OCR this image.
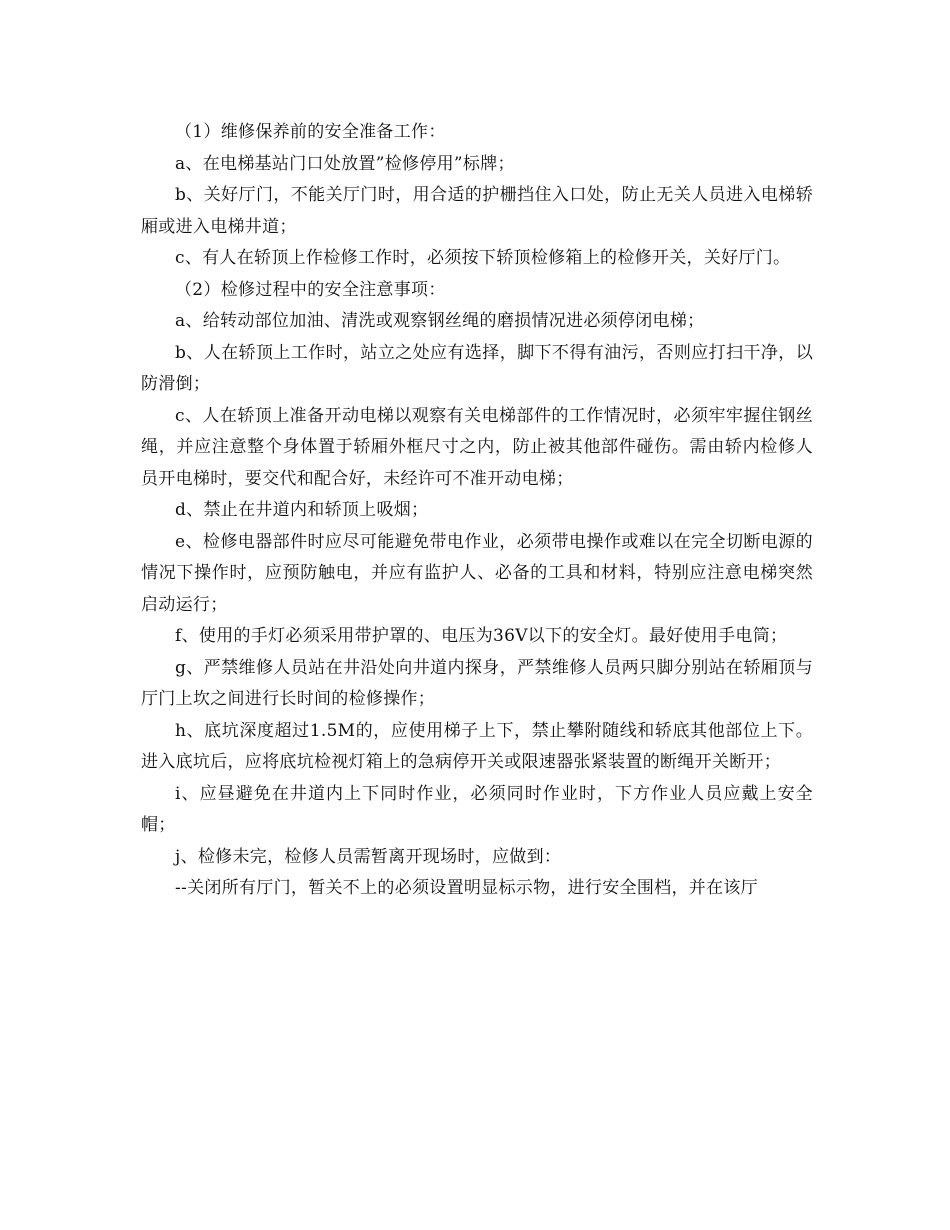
（1）维修保养前的安全准备工作：

a、在电梯基站门口处放置”检修停用”标牌；

b、关好厅门，不能关厅门时，用合适的护栅挡住入口处，防止无关人员进入电梯轿厢或进入电梯井道；

c、有人在轿顶上作检修工作时，必须按下轿顶检修箱上的检修开关，关好厅门。

（2）检修过程中的安全注意事项：

a、给转动部位加油、清洗或观察钢丝绳的磨损情况进必须停闭电梯；

b、人在轿顶上工作时，站立之处应有选择，脚下不得有油污，否则应打扫干净，以防滑倒；

c、人在轿顶上准备开动电梯以观察有关电梯部件的工作情况时，必须牢牢握住钢丝绳，并应注意整个身体置于轿厢外框尺寸之内，防止被其他部件碰伤。需由轿内检修人员开电梯时，要交代和配合好，未经许可不准开动电梯；

d、禁止在井道内和轿顶上吸烟；

e、检修电器部件时应尽可能避免带电作业，必须带电操作或难以在完全切断电源的情况下操作时，应预防触电，并应有监护人、必备的工具和材料，特别应注意电梯突然启动运行；

f、使用的手灯必须采用带护罩的、电压为36V以下的安全灯。最好使用手电筒；

g、严禁维修人员站在井沿处向井道内探身，严禁维修人员两只脚分别站在轿厢顶与厅门上坎之间进行长时间的检修操作；

h、底坑深度超过1.5M的，应使用梯子上下，禁止攀附随线和轿底其他部位上下。进入底坑后，应将底坑检视灯箱上的急病停开关或限速器张紧装置的断绳开关断开；

i、应昼避免在井道内上下同时作业，必须同时作业时，下方作业人员应戴上安全帽；

j、检修未完，检修人员需暂离开现场时，应做到：

--关闭所有厅门，暂关不上的必须设置明显标示物，进行安全围档，并在该厅
